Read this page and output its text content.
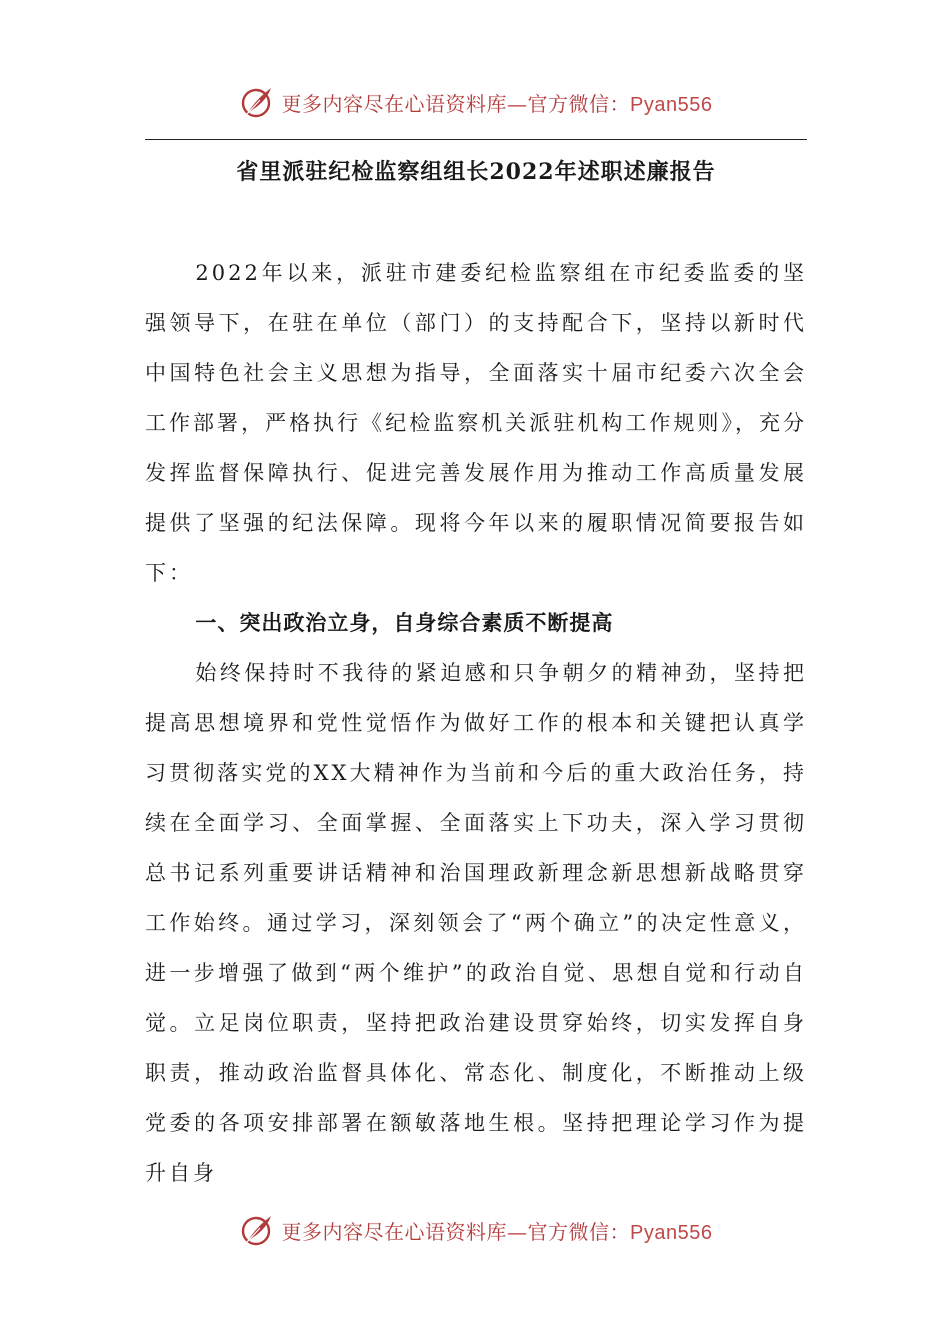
更多内容尽在心语资料库—官方微信：Pyan556
省里派驻纪检监察组组长2022年述职述廉报告

2022年以来，派驻市建委纪检监察组在市纪委监委的坚强领导下，在驻在单位（部门）的支持配合下，坚持以新时代中国特色社会主义思想为指导，全面落实十届市纪委六次全会工作部署，严格执行《纪检监察机关派驻机构工作规则》，充分发挥监督保障执行、促进完善发展作用为推动工作高质量发展提供了坚强的纪法保障。现将今年以来的履职情况简要报告如下：

一、突出政治立身，自身综合素质不断提高

始终保持时不我待的紧迫感和只争朝夕的精神劲，坚持把提高思想境界和党性觉悟作为做好工作的根本和关键把认真学习贯彻落实党的XX大精神作为当前和今后的重大政治任务，持续在全面学习、全面掌握、全面落实上下功夫，深入学习贯彻总书记系列重要讲话精神和治国理政新理念新思想新战略贯穿工作始终。通过学习，深刻领会了“两个确立”的决定性意义，进一步增强了做到“两个维护”的政治自觉、思想自觉和行动自觉。立足岗位职责，坚持把政治建设贯穿始终，切实发挥自身职责，推动政治监督具体化、常态化、制度化，不断推动上级党委的各项安排部署在额敏落地生根。坚持把理论学习作为提升自身

更多内容尽在心语资料库—官方微信：Pyan556
